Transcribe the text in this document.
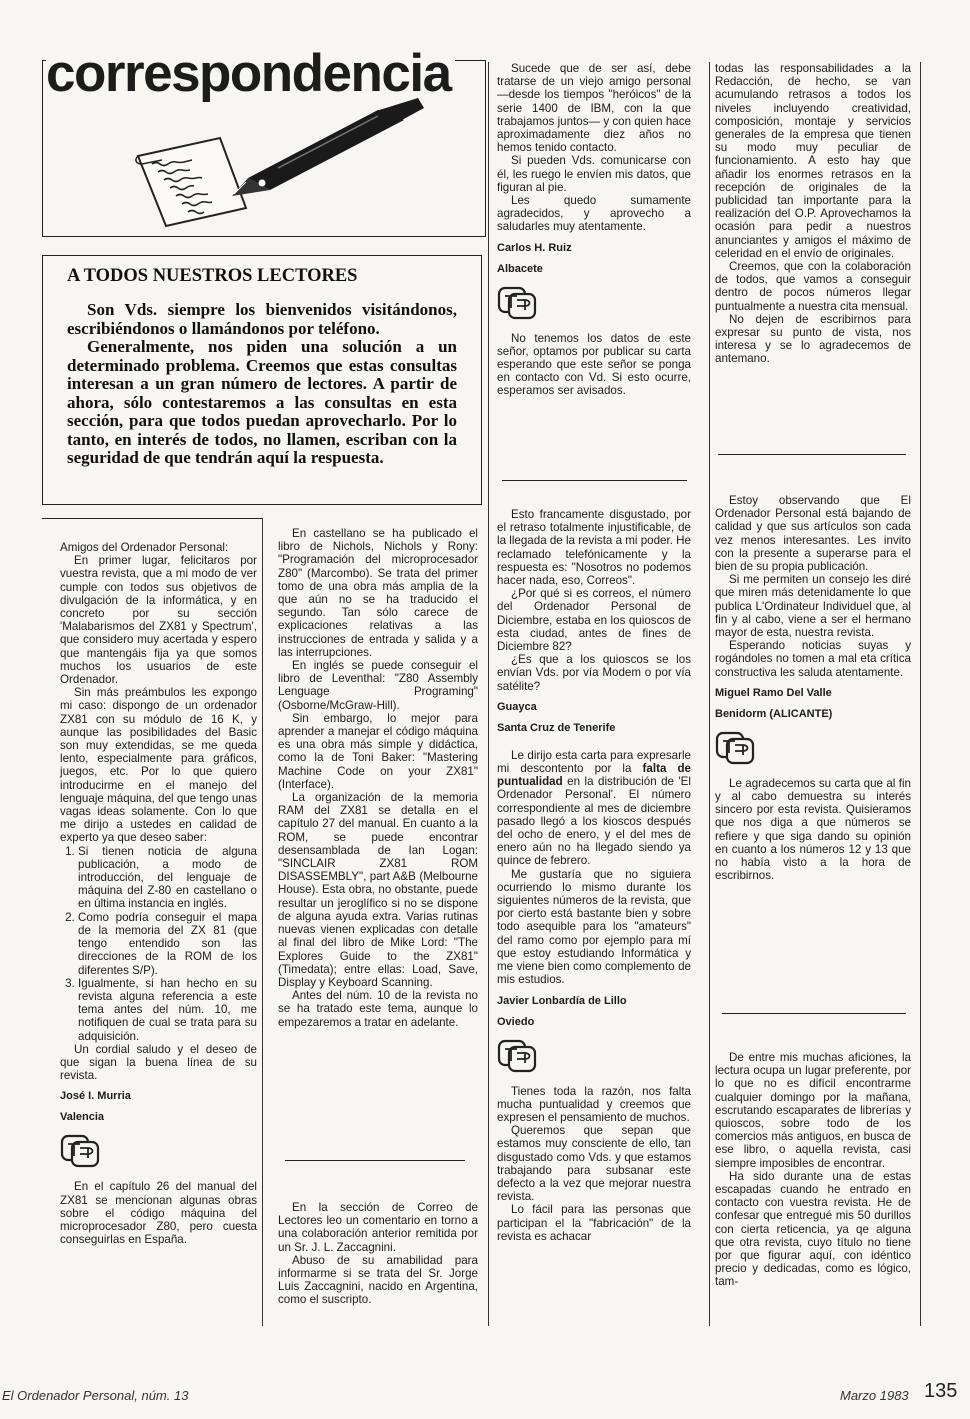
correspondencia
A TODOS NUESTROS LECTORES

Son Vds. siempre los bienvenidos visitándonos, escribiéndonos o llamándonos por teléfono.

Generalmente, nos piden una solución a un determinado problema. Creemos que estas consultas interesan a un gran número de lectores. A partir de ahora, sólo contestaremos a las consultas en esta sección, para que todos puedan aprovecharlo. Por lo tanto, en interés de todos, no llamen, escriban con la seguridad de que tendrán aquí la respuesta.

Amigos del Ordenador Personal:

En primer lugar, felicitaros por vuestra revista, que a mi modo de ver cumple con todos sus objetivos de divulgación de la informática, y en concreto por su sección 'Malabarismos del ZX81 y Spectrum', que considero muy acertada y espero que mantengáis fija ya que somos muchos los usuarios de este Ordenador.

Sin más preámbulos les expongo mi caso: dispongo de un ordenador ZX81 con su módulo de 16 K, y aunque las posibilidades del Basic son muy extendidas, se me queda lento, especialmente para gráficos, juegos, etc. Por lo que quiero introducirme en el manejo del lenguaje máquina, del que tengo unas vagas ideas solamente. Con lo que me dirijo a ustedes en calidad de experto ya que deseo saber:

1. Si tienen noticia de alguna publicación, a modo de introducción, del lenguaje de máquina del Z-80 en castellano o en última instancia en inglés.
2. Como podría conseguir el mapa de la memoria del ZX 81 (que tengo entendido son las direcciones de la ROM de los diferentes S/P).
3. Igualmente, si han hecho en su revista alguna referencia a este tema antes del núm. 10, me notifiquen de cual se trata para su adquisición.

Un cordial saludo y el deseo de que sigan la buena línea de su revista.

José I. Murria

Valencia

En el capítulo 26 del manual del ZX81 se mencionan algunas obras sobre el código máquina del microprocesador Z80, pero cuesta conseguirlas en España.

En castellano se ha publicado el libro de Nichols, Nichols y Rony: "Programación del microprocesador Z80" (Marcombo). Se trata del primer tomo de una obra más amplia de la que aún no se ha traducido el segundo. Tan sólo carece de explicaciones relativas a las instrucciones de entrada y salida y a las interrupciones.

En inglés se puede conseguir el libro de Leventhal: "Z80 Assembly Lenguage Programing" (Osborne/McGraw-Hill).

Sin embargo, lo mejor para aprender a manejar el código máquina es una obra más simple y didáctica, como la de Toni Baker: "Mastering Machine Code on your ZX81" (Interface).

La organización de la memoria RAM del ZX81 se detalla en el capítulo 27 del manual. En cuanto a la ROM, se puede encontrar desensamblada de Ian Logan: "SINCLAIR ZX81 ROM DISASSEMBLY", part A&B (Melbourne House). Esta obra, no obstante, puede resultar un jeroglífico si no se dispone de alguna ayuda extra. Varias rutinas nuevas vienen explicadas con detalle al final del libro de Mike Lord: "The Explores Guide to the ZX81" (Timedata); entre ellas: Load, Save, Display y Keyboard Scanning.

Antes del núm. 10 de la revista no se ha tratado este tema, aunque lo empezaremos a tratar en adelante.

En la sección de Correo de Lectores leo un comentario en torno a una colaboración anterior remitida por un Sr. J. L. Zaccagnini.

Abuso de su amabilidad para informarme si se trata del Sr. Jorge Luis Zaccagnini, nacido en Argentina, como el suscripto.

Sucede que de ser así, debe tratarse de un viejo amigo personal —desde los tiempos "heróicos" de la serie 1400 de IBM, con la que trabajamos juntos— y con quien hace aproximadamente diez años no hemos tenido contacto.

Si pueden Vds. comunicarse con él, les ruego le envíen mis datos, que figuran al pie.

Les quedo sumamente agradecidos, y aprovecho a saludarles muy atentamente.

Carlos H. Ruiz

Albacete

No tenemos los datos de este señor, optamos por publicar su carta esperando que este señor se ponga en contacto con Vd. Si esto ocurre, esperamos ser avisados.

Esto francamente disgustado, por el retraso totalmente injustificable, de la llegada de la revista a mi poder. He reclamado telefónicamente y la respuesta es: "Nosotros no podemos hacer nada, eso, Correos".

¿Por qué si es correos, el número del Ordenador Personal de Diciembre, estaba en los quioscos de esta ciudad, antes de fines de Diciembre 82?

¿Es que a los quioscos se los envían Vds. por vía Modem o por vía satélite?

Guayca

Santa Cruz de Tenerife

Le dirijo esta carta para expresarle mi descontento por la falta de puntualidad en la distribución de 'El Ordenador Personal'. El número correspondiente al mes de diciembre pasado llegó a los kioscos después del ocho de enero, y el del mes de enero aún no ha llegado siendo ya quince de febrero.

Me gustaría que no siguiera ocurriendo lo mismo durante los siguientes números de la revista, que por cierto está bastante bien y sobre todo asequible para los "amateurs" del ramo como por ejemplo para mí que estoy estudiando Informática y me viene bien como complemento de mis estudios.

Javier Lonbardía de Lillo

Oviedo

Tienes toda la razón, nos falta mucha puntualidad y creemos que expresen el pensamiento de muchos.

Queremos que sepan que estamos muy consciente de ello, tan disgustado como Vds. y que estamos trabajando para subsanar este defecto a la vez que mejorar nuestra revista.

Lo fácil para las personas que participan el la "fabricación" de la revista es achacar

todas las responsabilidades a la Redacción, de hecho, se van acumulando retrasos a todos los niveles incluyendo creatividad, composición, montaje y servicios generales de la empresa que tienen su modo muy peculiar de funcionamiento. A esto hay que añadir los enormes retrasos en la recepción de originales de la publicidad tan importante para la realización del O.P. Aprovechamos la ocasión para pedir a nuestros anunciantes y amigos el máximo de celeridad en el envío de originales.

Creemos, que con la colaboración de todos, que vamos a conseguir dentro de pocos números llegar puntualmente a nuestra cita mensual.

No dejen de escribirnos para expresar su punto de vista, nos interesa y se lo agradecemos de antemano.

Estoy observando que El Ordenador Personal está bajando de calidad y que sus artículos son cada vez menos interesantes. Les invito con la presente a superarse para el bien de su propia publicación.

Si me permiten un consejo les diré que miren más detenidamente lo que publica L'Ordinateur Individuel que, al fin y al cabo, viene a ser el hermano mayor de esta, nuestra revista.

Esperando noticias suyas y rogándoles no tomen a mal eta crítica constructiva les saluda atentamente.

Miguel Ramo Del Valle

Benidorm (ALICANTE)

Le agradecemos su carta que al fin y al cabo demuestra su interés sincero por esta revista. Quisieramos que nos diga a que números se refiere y que siga dando su opinión en cuanto a los números 12 y 13 que no había visto a la hora de escribirnos.

De entre mis muchas aficiones, la lectura ocupa un lugar preferente, por lo que no es difícil encontrarme cualquier domingo por la mañana, escrutando escaparates de librerías y quioscos, sobre todo de los comercios más antiguos, en busca de ese libro, o aquella revista, casi siempre imposibles de encontrar.

Ha sido durante una de estas escapadas cuando he entrado en contacto con vuestra revista. He de confesar que entregué mis 50 durillos con cierta reticencia, ya qe alguna que otra revista, cuyo título no tiene por que figurar aquí, con idéntico precio y dedicadas, como es lógico, tam-

El Ordenador Personal, núm. 13	Marzo 1983 135
